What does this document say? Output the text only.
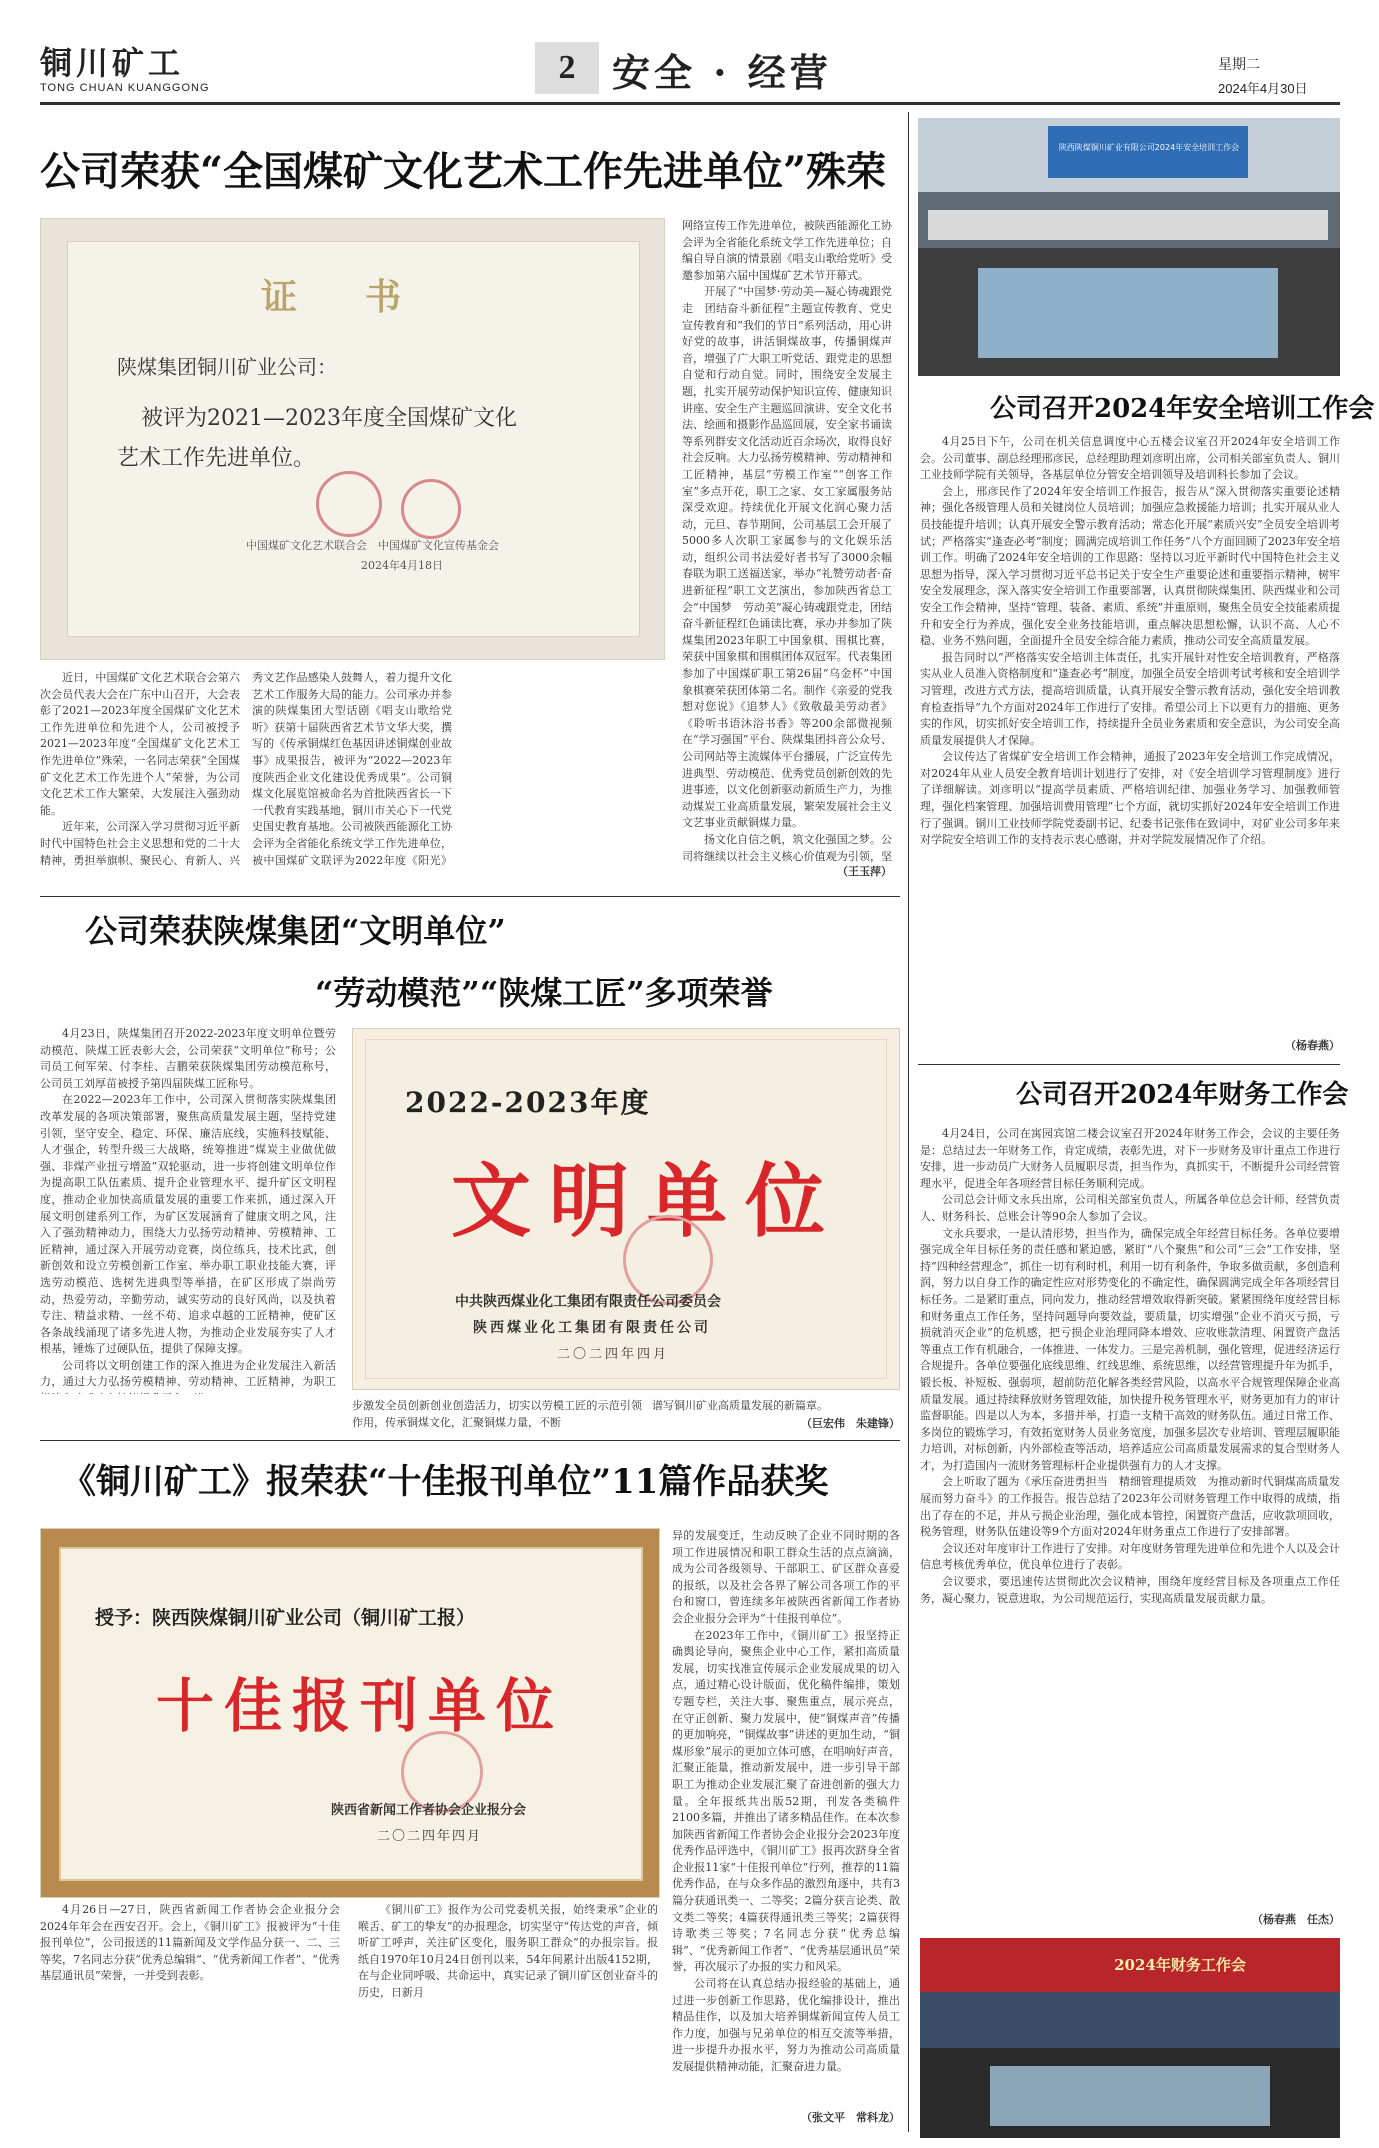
铜川矿工
TONG CHUAN KUANGGONG
2 安全 · 经营	星期二
2024年4月30日
公司荣获“全国煤矿文化艺术工作先进单位”殊荣
证　书
陕煤集团铜川矿业公司：
被评为2021—2023年度全国煤矿文化
艺术工作先进单位。
中国煤矿文化艺术联合会　中国煤矿文化宣传基金会
2024年4月18日

近日，中国煤矿文化艺术联合会第六次会员代表大会在广东中山召开，大会表彰了2021—2023年度全国煤矿文化艺术工作先进单位和先进个人，公司被授予2021—2023年度“全国煤矿文化艺术工作先进单位”殊荣，一名同志荣获“全国煤矿文化艺术工作先进个人”荣誉，为公司文化艺术工作大繁荣、大发展注入强劲动能。

近年来，公司深入学习贯彻习近平新时代中国特色社会主义思想和党的二十大精神，勇担举旗帜、聚民心、育新人、兴

秀文艺作品感染人鼓舞人，着力提升文化艺术工作服务大局的能力。公司承办并参演的陕煤集团大型话剧《唱支山歌给党听》获第十届陕西省艺术节文华大奖，撰写的《传承铜煤红色基因讲述铜煤创业故事》成果报告，被评为“2022—2023年度陕西企业文化建设优秀成果”。公司铜煤文化展览馆被命名为首批陕西省长一下一代教育实践基地，铜川市关心下一代党史国史教育基地。公司被陕西能源化工协会评为全省能化系统文学工作先进单位，被中国煤矿文联评为2022年度《阳光》

网络宣传工作先进单位，被陕西能源化工协会评为全省能化系统文学工作先进单位；自编自导自演的情景剧《唱支山歌给党听》受邀参加第六届中国煤矿艺术节开幕式。

开展了“中国梦·劳动美—凝心铸魂跟党走　团结奋斗新征程”主题宣传教育、党史宣传教育和“我们的节日”系列活动，用心讲好党的故事，讲活铜煤故事，传播铜煤声音，增强了广大职工听党话、跟党走的思想自觉和行动自觉。同时，围绕安全发展主题，扎实开展劳动保护知识宣传、健康知识讲座、安全生产主题巡回演讲、安全文化书法、绘画和摄影作品巡回展，安全家书诵读等系列群安文化活动近百余场次，取得良好社会反响。大力弘扬劳模精神、劳动精神和工匠精神，基层“劳模工作室”“创客工作室”多点开花，职工之家、女工家属服务站深受欢迎。持续优化开展文化润心聚力活动，元旦、春节期间，公司基层工会开展了5000多人次职工家属参与的文化娱乐活动，组织公司书法爱好者书写了3000余幅春联为职工送福送家，举办“礼赞劳动者·奋进新征程”职工文艺演出，参加陕西省总工会“中国梦　劳动美”凝心铸魂跟党走，团结奋斗新征程红色诵读比赛，承办并参加了陕煤集团2023年职工中国象棋、围棋比赛，荣获中国象棋和围棋团体双冠军。代表集团参加了中国煤矿职工第26届“乌金杯”中国象棋赛荣获团体第二名。制作《亲爱的党我想对您说》《追梦人》《致敬最美劳动者》《聆听书语沐浴书香》等200余部微视频在“学习强国”平台、陕煤集团抖音公众号、公司网站等主流媒体平台播展，广泛宣传先进典型、劳动模范、优秀党员创新创效的先进事迹，以文化创新驱动新质生产力，为推动煤炭工业高质量发展，繁荣发展社会主义文艺事业贡献铜煤力量。

扬文化自信之帆，筑文化强国之梦。公司将继续以社会主义核心价值观为引领，坚

（王玉萍）
公司荣获陕煤集团“文明单位”
“劳动模范”“陕煤工匠”多项荣誉

4月23日，陕煤集团召开2022-2023年度文明单位暨劳动模范、陕煤工匠表彰大会，公司荣获“文明单位”称号；公司员工何军荣、付李桂、吉鹏荣获陕煤集团劳动模范称号，公司员工刘厚苗被授予第四届陕煤工匠称号。

在2022—2023年工作中，公司深入贯彻落实陕煤集团改革发展的各项决策部署，聚焦高质量发展主题，坚持党建引领，坚守安全、稳定、环保、廉洁底线，实施科技赋能、人才强企，转型升级三大战略，统筹推进“煤炭主业做优做强、非煤产业扭亏增盈”双轮驱动，进一步将创建文明单位作为提高职工队伍素质、提升企业管理水平、提升矿区文明程度，推动企业加快高质量发展的重要工作来抓，通过深入开展文明创建系列工作，为矿区发展涵育了健康文明之风，注入了强劲精神动力，围绕大力弘扬劳动精神、劳模精神、工匠精神，通过深入开展劳动竞赛，岗位练兵，技术比武，创新创效和设立劳模创新工作室、举办职工职业技能大赛，评选劳动模范、选树先进典型等举措，在矿区形成了崇尚劳动，热爱劳动，辛勤劳动，诚实劳动的良好风尚，以及执着专注、精益求精、一丝不苟、追求卓越的工匠精神，使矿区各条战线涌现了诸多先进人物，为推动企业发展夯实了人才根基，锤炼了过硬队伍，提供了保障支撑。

公司将以文明创建工作的深入推进为企业发展注入新活力，通过大力弘扬劳模精神、劳动精神、工匠精神，为职工

2022-2023年度
文明单位
中共陕西煤业化工集团有限责任公司委员会
陕西煤业化工集团有限责任公司
二〇二四年四月
步激发全员创新创业创造活力，切实以劳模工匠的示范引领作用，传承铜煤文化，汇聚铜煤力量，不断
谱写铜川矿业高质量发展的新篇章。
（巨宏伟　朱建锋）
《铜川矿工》报荣获“十佳报刊单位”11篇作品获奖
授予：陕西陕煤铜川矿业公司（铜川矿工报）
十佳报刊单位
陕西省新闻工作者协会企业报分会
二〇二四年四月

4月26日—27日，陕西省新闻工作者协会企业报分会2024年年会在西安召开。会上，《铜川矿工》报被评为“十佳报刊单位”，公司报送的11篇新闻及文学作品分获一、二、三等奖，7名同志分获“优秀总编辑”、“优秀新闻工作者”、“优秀基层通讯员”荣誉，一并受到表彰。

《铜川矿工》报作为公司党委机关报，始终秉承“企业的喉舌、矿工的挚友”的办报理念，切实坚守“传达党的声音，倾听矿工呼声，关注矿区变化，服务职工群众”的办报宗旨。报纸自1970年10月24日创刊以来，54年间累计出版4152期，在与企业同呼吸、共命运中，真实记录了铜川矿区创业奋斗的历史，日新月

异的发展变迁，生动反映了企业不同时期的各项工作进展情况和职工群众生活的点点滴滴，成为公司各级领导、干部职工、矿区群众喜爱的报纸，以及社会各界了解公司各项工作的平台和窗口，曾连续多年被陕西省新闻工作者协会企业报分会评为“十佳报刊单位”。

在2023年工作中，《铜川矿工》报坚持正确舆论导向，聚焦企业中心工作，紧扣高质量发展，切实找准宣传展示企业发展成果的切入点，通过精心设计版面，优化稿件编排，策划专题专栏，关注大事、聚焦重点，展示亮点，在守正创新、聚力发展中，使“铜煤声音”传播的更加响亮，“铜煤故事”讲述的更加生动，“铜煤形象”展示的更加立体可感，在唱响好声音，汇聚正能量，推动新发展中，进一步引导干部职工为推动企业发展汇聚了奋进创新的强大力量。全年报纸共出版52期，刊发各类稿件2100多篇，并推出了诸多精品佳作。在本次参加陕西省新闻工作者协会企业报分会2023年度优秀作品评选中，《铜川矿工》报再次跻身全省企业报11家“十佳报刊单位”行列，推荐的11篇优秀作品，在与众多作品的激烈角逐中，共有3篇分获通讯类一、二等奖；2篇分获言论类、散文类二等奖；4篇获得通讯类三等奖；2篇获得诗歌类三等奖；7名同志分获“优秀总编辑”、“优秀新闻工作者”、“优秀基层通讯员”荣誉，再次展示了办报的实力和风采。

公司将在认真总结办报经验的基础上，通过进一步创新工作思路，优化编排设计，推出精品佳作，以及加大培养铜煤新闻宣传人员工作力度，加强与兄弟单位的相互交流等举措，进一步提升办报水平，努力为推动公司高质量发展提供精神动能，汇聚奋进力量。

（张文平　常科龙）
陕西陕煤铜川矿业有限公司2024年安全培训工作会
公司召开2024年安全培训工作会

4月25日下午，公司在机关信息调度中心五楼会议室召开2024年安全培训工作会。公司董事、副总经理邢彦民，总经理助理刘彦明出席，公司相关部室负责人、铜川工业技师学院有关领导，各基层单位分管安全培训领导及培训科长参加了会议。

会上，邢彦民作了2024年安全培训工作报告，报告从“深入贯彻落实重要论述精神；强化各级管理人员和关键岗位人员培训；加强应急救援能力培训；扎实开展从业人员技能提升培训；认真开展安全警示教育活动；常态化开展“素质兴安”全员安全培训考试；严格落实“逢查必考”制度；圆满完成培训工作任务”八个方面回顾了2023年安全培训工作。明确了2024年安全培训的工作思路：坚持以习近平新时代中国特色社会主义思想为指导，深入学习贯彻习近平总书记关于安全生产重要论述和重要指示精神，树牢安全发展理念，深入落实安全培训工作重要部署，认真贯彻陕煤集团、陕西煤业和公司安全工作会精神，坚持“管理、装备、素质、系统”并重原则，聚焦全员安全技能素质提升和安全行为养成，强化安全业务技能培训，重点解决思想松懈，认识不高、人心不稳、业务不熟问题，全面提升全员安全综合能力素质，推动公司安全高质量发展。

报告同时以“严格落实安全培训主体责任，扎实开展针对性安全培训教育，严格落实从业人员准入资格制度和“逢查必考”制度，加强全员安全培训考试考核和安全培训学习管理，改进方式方法，提高培训质量，认真开展安全警示教育活动，强化安全培训教育检查指导”九个方面对2024年工作进行了安排。希望公司上下以更有力的措施、更务实的作风，切实抓好安全培训工作，持续提升全员业务素质和安全意识，为公司安全高质量发展提供人才保障。

会议传达了省煤矿安全培训工作会精神，通报了2023年安全培训工作完成情况，对2024年从业人员安全教育培训计划进行了安排，对《安全培训学习管理制度》进行了详细解读。刘彦明以“提高学员素质、严格培训纪律、加强业务学习、加强教师管理，强化档案管理、加强培训费用管理”七个方面，就切实抓好2024年安全培训工作进行了强调。铜川工业技师学院党委副书记、纪委书记张伟在致词中，对矿业公司多年来对学院安全培训工作的支持表示衷心感谢，并对学院发展情况作了介绍。

（杨春燕）
公司召开2024年财务工作会

4月24日，公司在寓园宾馆二楼会议室召开2024年财务工作会，会议的主要任务是：总结过去一年财务工作，肯定成绩，表彰先进，对下一步财务及审计重点工作进行安排，进一步动员广大财务人员履职尽责，担当作为，真抓实干，不断提升公司经营管理水平，促进全年各项经营目标任务顺利完成。

公司总会计师文永兵出席，公司相关部室负责人，所属各单位总会计师、经营负责人、财务科长、总账会计等90余人参加了会议。

文永兵要求，一是认清形势，担当作为，确保完成全年经营目标任务。各单位要增强完成全年目标任务的责任感和紧迫感，紧盯“八个聚焦”和公司“三会”工作安排，坚持“四种经营理念”，抓住一切有利时机，利用一切有利条件，争取多做贡献，多创造利润，努力以自身工作的确定性应对形势变化的不确定性，确保圆满完成全年各项经营目标任务。二是紧盯重点，同向发力，推动经营增效取得新突破。紧紧围绕年度经营目标和财务重点工作任务，坚持问题导向要效益，要质量，切实增强“企业不消灭亏损，亏损就消灭企业”的危机感，把亏损企业治理同降本增效、应收账款清理、闲置资产盘活等重点工作有机融合，一体推进、一体发力。三是完善机制，强化管理，促进经济运行合规提升。各单位要强化底线思维、红线思维、系统思维，以经营管理提升年为抓手，锻长板、补短板、强弱项，超前防范化解各类经营风险，以高水平合规管理保障企业高质量发展。通过持续释放财务管理效能，加快提升税务管理水平，财务更加有力的审计监督职能。四是以人为本，多措并举，打造一支精干高效的财务队伍。通过日常工作、多岗位的锻炼学习，有效拓宽财务人员业务宽度，加强多层次专业培训、管理层履职能力培训，对标创新，内外部检查等活动，培养适应公司高质量发展需求的复合型财务人才，为打造国内一流财务管理标杆企业提供强有力的人才支撑。

会上听取了题为《承压奋进勇担当　精细管理提质效　为推动新时代铜煤高质量发展而努力奋斗》的工作报告。报告总结了2023年公司财务管理工作中取得的成绩，指出了存在的不足，并从亏损企业治理，强化成本管控，闲置资产盘活，应收款项回收，税务管理，财务队伍建设等9个方面对2024年财务重点工作进行了安排部署。

会议还对年度审计工作进行了安排。对年度财务管理先进单位和先进个人以及会计信息考核优秀单位，优良单位进行了表彰。

会议要求，要迅速传达贯彻此次会议精神，围绕年度经营目标及各项重点工作任务，凝心聚力，锐意进取，为公司规范运行，实现高质量发展贡献力量。

（杨春燕　任杰）
2024年财务工作会
